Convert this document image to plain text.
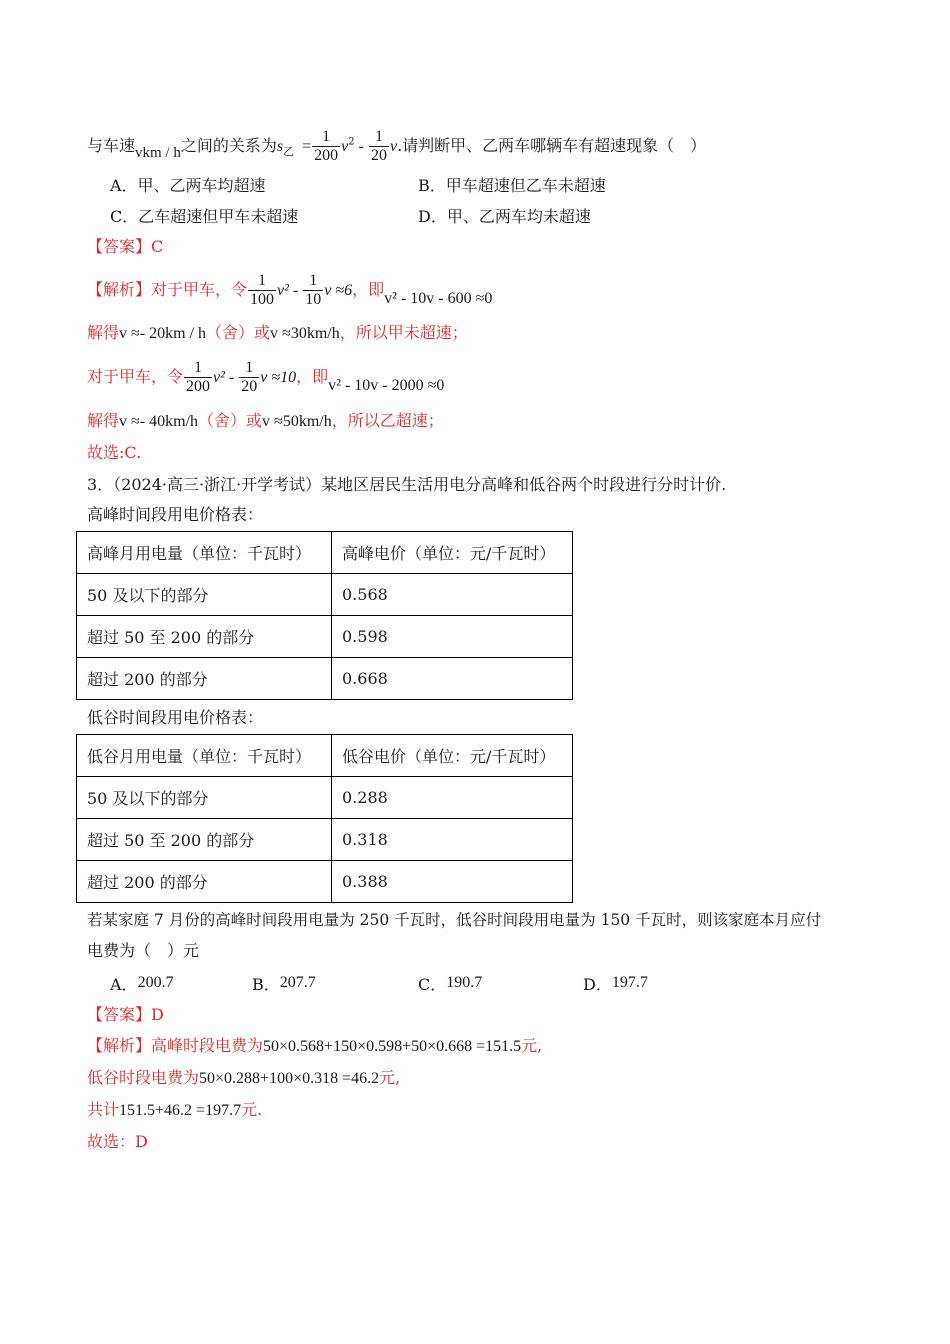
与车速vkm / h之间的关系为$s_乙 = \frac{1}{200} v^2 - \frac{1}{20} v$.请判断甲、乙两车哪辆车有超速现象（　）
A．甲、乙两车均超速	B．甲车超速但乙车未超速
C．乙车超速但甲车未超速	D．甲、乙两车均未超速
【答案】C
【解析】对于甲车，令 $\frac{1}{100} v^2 - \frac{1}{10}$ v ≈6，即v² - 10v - 600 ≈0
解得v ≈- 20km / h（舍）或v ≈30km/h，所以甲未超速；
对于甲车，令 $\frac{1}{200} v^2 - \frac{1}{20}$ v ≈10，即v² - 10v - 2000 ≈0
解得v ≈- 40km/h（舍）或v ≈50km/h，所以乙超速；
故选:C.
3．（2024·高三·浙江·开学考试）某地区居民生活用电分高峰和低谷两个时段进行分时计价.
高峰时间段用电价格表：
高峰月用电量（单位：千瓦时）	高峰电价（单位：元/千瓦时）
50 及以下的部分	0.568
超过 50 至 200 的部分	0.598
超过 200 的部分	0.668
低谷时间段用电价格表：
低谷月用电量（单位：千瓦时）	低谷电价（单位：元/千瓦时）
50 及以下的部分	0.288
超过 50 至 200 的部分	0.318
超过 200 的部分	0.388
若某家庭 7 月份的高峰时间段用电量为 250 千瓦时，低谷时间段用电量为 150 千瓦时，则该家庭本月应付
电费为（　）元
A．200.7	B．207.7	C．190.7	D．197.7
【答案】D
【解析】高峰时段电费为50×0.568+150×0.598+50×0.668 =151.5元,
低谷时段电费为50×0.288+100×0.318 =46.2元,
共计151.5+46.2 =197.7元.
故选：D
